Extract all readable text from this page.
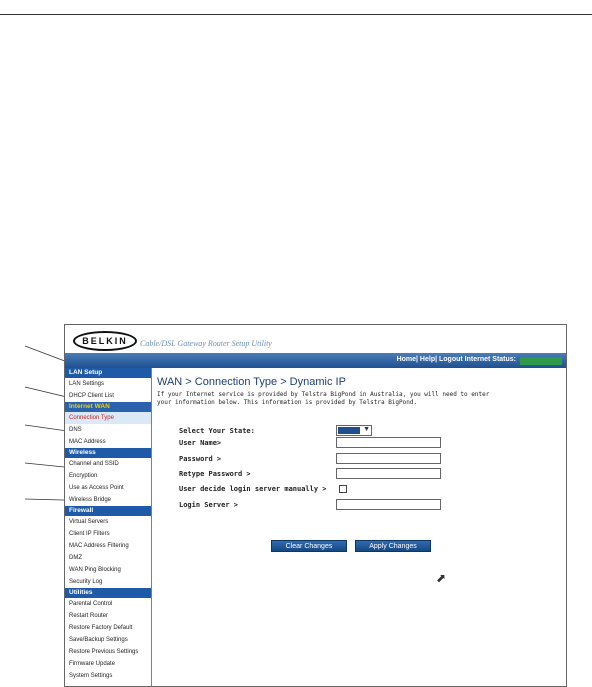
BELKIN	Cable/DSL Gateway Router Setup Utility
Home| Help| Logout Internet Status:
LAN Setup
LAN Settings
DHCP Client List
Internet WAN
Connection Type
DNS
MAC Address
Wireless
Channel and SSID
Encryption
Use as Access Point
Wireless Bridge
Firewall
Virtual Servers
Client IP Filters
MAC Address Filtering
DMZ
WAN Ping Blocking
Security Log
Utilities
Parental Control
Restart Router
Restore Factory Default
Save/Backup Settings
Restore Previous Settings
Firmware Update
System Settings
WAN > Connection Type > Dynamic IP
If your Internet service is provided by Telstra BigPond in Australia, you will need to enter your information below. This information is provided by Telstra BigPond.
Select Your State:	▼
User Name>
Password >
Retype Password >
User decide login server manually >
Login Server >
Clear Changes	Apply Changes
⬈
